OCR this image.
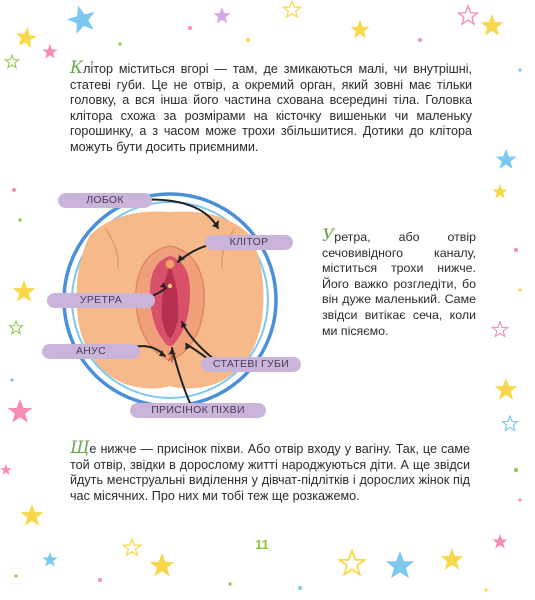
ЛОБОК
КЛІТОР
УРЕТРА
АНУС
СТАТЕВІ ГУБИ
ПРИСІНОК ПІХВИ

Клі́тор міститься вгорі — там, де змикаються малі, чи внутрішні, статеві губи. Це не отвір, а окремий орган, який зовні має тільки головку, а вся інша його частина схована всередині тіла. Головка клітора схожа за розмірами на кісточку вишеньки чи маленьку горошинку, а з часом може трохи збільшитися. Дотики до клітора можуть бути досить приємними.

Уретра, або отвір сечовивідного каналу, міститься трохи нижче. Його важко розгледіти, бо він дуже маленький. Саме звідси витікає сеча, коли ми пісяємо.

Ще нижче — присінок піхви. Або отвір входу у вагіну. Так, це саме той отвір, звідки в дорослому житті народжуються діти. А ще звідси йдуть менструальні виділення у дівчат-підлітків і дорослих жінок під час місячних. Про них ми тобі теж ще розкажемо.

11
